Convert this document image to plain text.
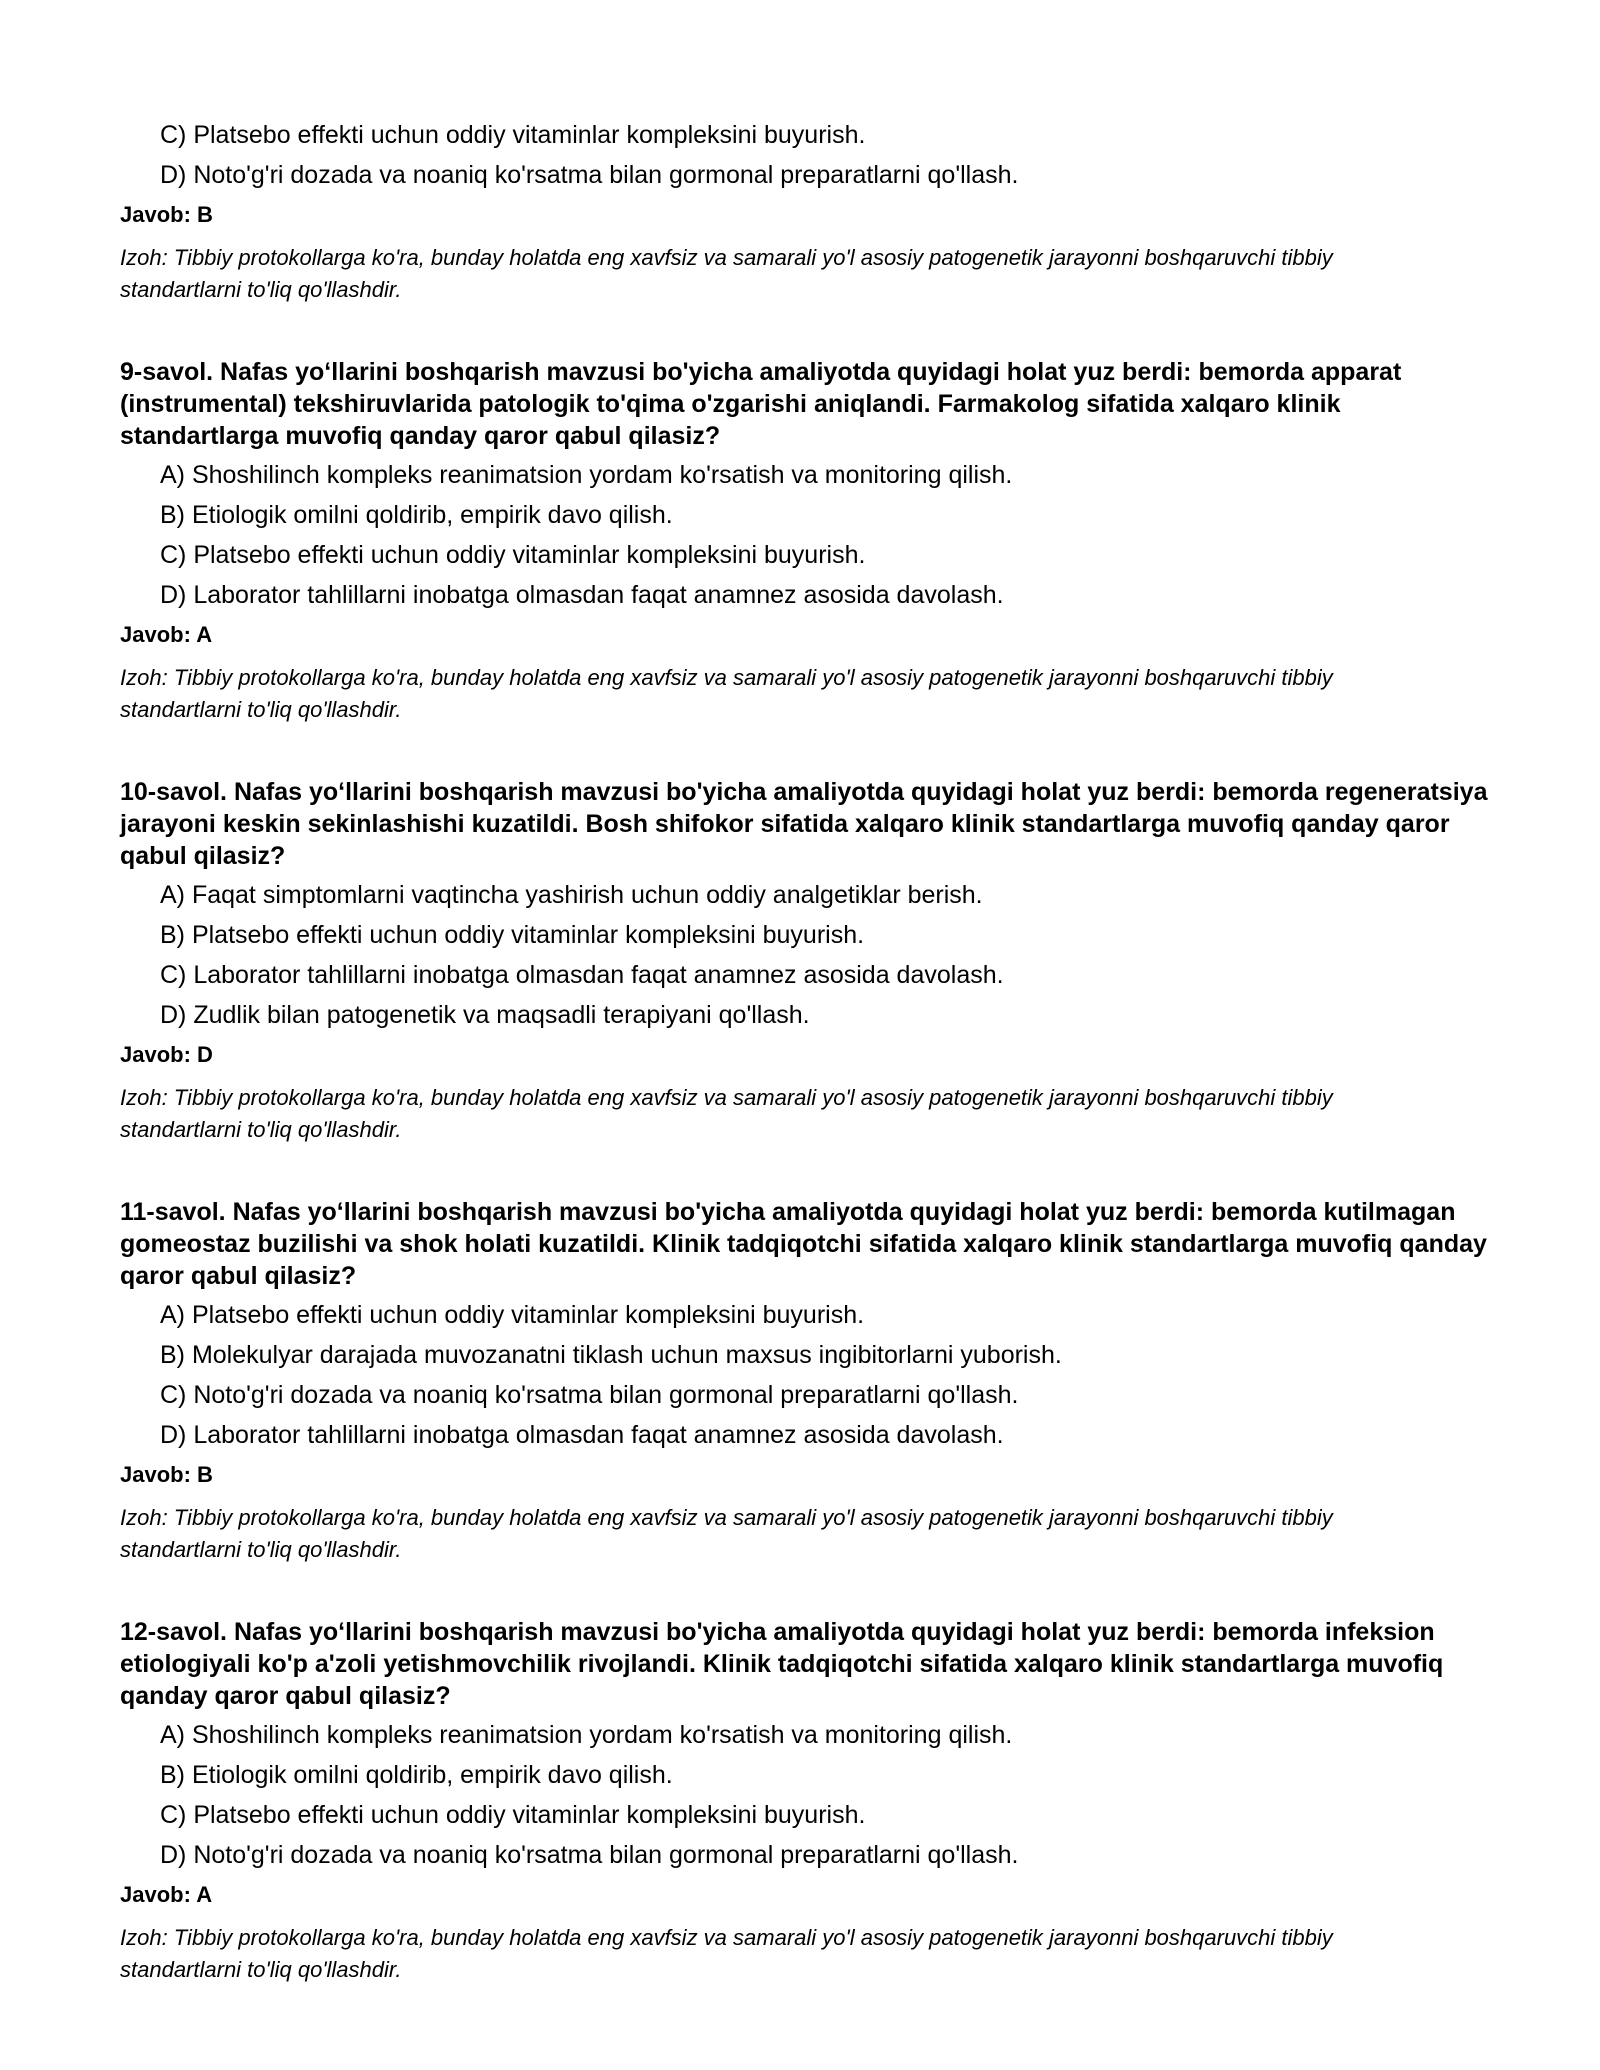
C) Platsebo effekti uchun oddiy vitaminlar kompleksini buyurish.
D) Noto'g'ri dozada va noaniq ko'rsatma bilan gormonal preparatlarni qo'llash.
Javob: B
Izoh: Tibbiy protokollarga ko'ra, bunday holatda eng xavfsiz va samarali yo'l asosiy patogenetik jarayonni boshqaruvchi tibbiy standartlarni to'liq qo'llashdir.
9-savol. Nafas yo‘llarini boshqarish mavzusi bo'yicha amaliyotda quyidagi holat yuz berdi: bemorda apparat (instrumental) tekshiruvlarida patologik to'qima o'zgarishi aniqlandi. Farmakolog sifatida xalqaro klinik standartlarga muvofiq qanday qaror qabul qilasiz?
A) Shoshilinch kompleks reanimatsion yordam ko'rsatish va monitoring qilish.
B) Etiologik omilni qoldirib, empirik davo qilish.
C) Platsebo effekti uchun oddiy vitaminlar kompleksini buyurish.
D) Laborator tahlillarni inobatga olmasdan faqat anamnez asosida davolash.
Javob: A
Izoh: Tibbiy protokollarga ko'ra, bunday holatda eng xavfsiz va samarali yo'l asosiy patogenetik jarayonni boshqaruvchi tibbiy standartlarni to'liq qo'llashdir.
10-savol. Nafas yo‘llarini boshqarish mavzusi bo'yicha amaliyotda quyidagi holat yuz berdi: bemorda regeneratsiya jarayoni keskin sekinlashishi kuzatildi. Bosh shifokor sifatida xalqaro klinik standartlarga muvofiq qanday qaror qabul qilasiz?
A) Faqat simptomlarni vaqtincha yashirish uchun oddiy analgetiklar berish.
B) Platsebo effekti uchun oddiy vitaminlar kompleksini buyurish.
C) Laborator tahlillarni inobatga olmasdan faqat anamnez asosida davolash.
D) Zudlik bilan patogenetik va maqsadli terapiyani qo'llash.
Javob: D
Izoh: Tibbiy protokollarga ko'ra, bunday holatda eng xavfsiz va samarali yo'l asosiy patogenetik jarayonni boshqaruvchi tibbiy standartlarni to'liq qo'llashdir.
11-savol. Nafas yo‘llarini boshqarish mavzusi bo'yicha amaliyotda quyidagi holat yuz berdi: bemorda kutilmagan gomeostaz buzilishi va shok holati kuzatildi. Klinik tadqiqotchi sifatida xalqaro klinik standartlarga muvofiq qanday qaror qabul qilasiz?
A) Platsebo effekti uchun oddiy vitaminlar kompleksini buyurish.
B) Molekulyar darajada muvozanatni tiklash uchun maxsus ingibitorlarni yuborish.
C) Noto'g'ri dozada va noaniq ko'rsatma bilan gormonal preparatlarni qo'llash.
D) Laborator tahlillarni inobatga olmasdan faqat anamnez asosida davolash.
Javob: B
Izoh: Tibbiy protokollarga ko'ra, bunday holatda eng xavfsiz va samarali yo'l asosiy patogenetik jarayonni boshqaruvchi tibbiy standartlarni to'liq qo'llashdir.
12-savol. Nafas yo‘llarini boshqarish mavzusi bo'yicha amaliyotda quyidagi holat yuz berdi: bemorda infeksion etiologiyali ko'p a'zoli yetishmovchilik rivojlandi. Klinik tadqiqotchi sifatida xalqaro klinik standartlarga muvofiq qanday qaror qabul qilasiz?
A) Shoshilinch kompleks reanimatsion yordam ko'rsatish va monitoring qilish.
B) Etiologik omilni qoldirib, empirik davo qilish.
C) Platsebo effekti uchun oddiy vitaminlar kompleksini buyurish.
D) Noto'g'ri dozada va noaniq ko'rsatma bilan gormonal preparatlarni qo'llash.
Javob: A
Izoh: Tibbiy protokollarga ko'ra, bunday holatda eng xavfsiz va samarali yo'l asosiy patogenetik jarayonni boshqaruvchi tibbiy standartlarni to'liq qo'llashdir.
